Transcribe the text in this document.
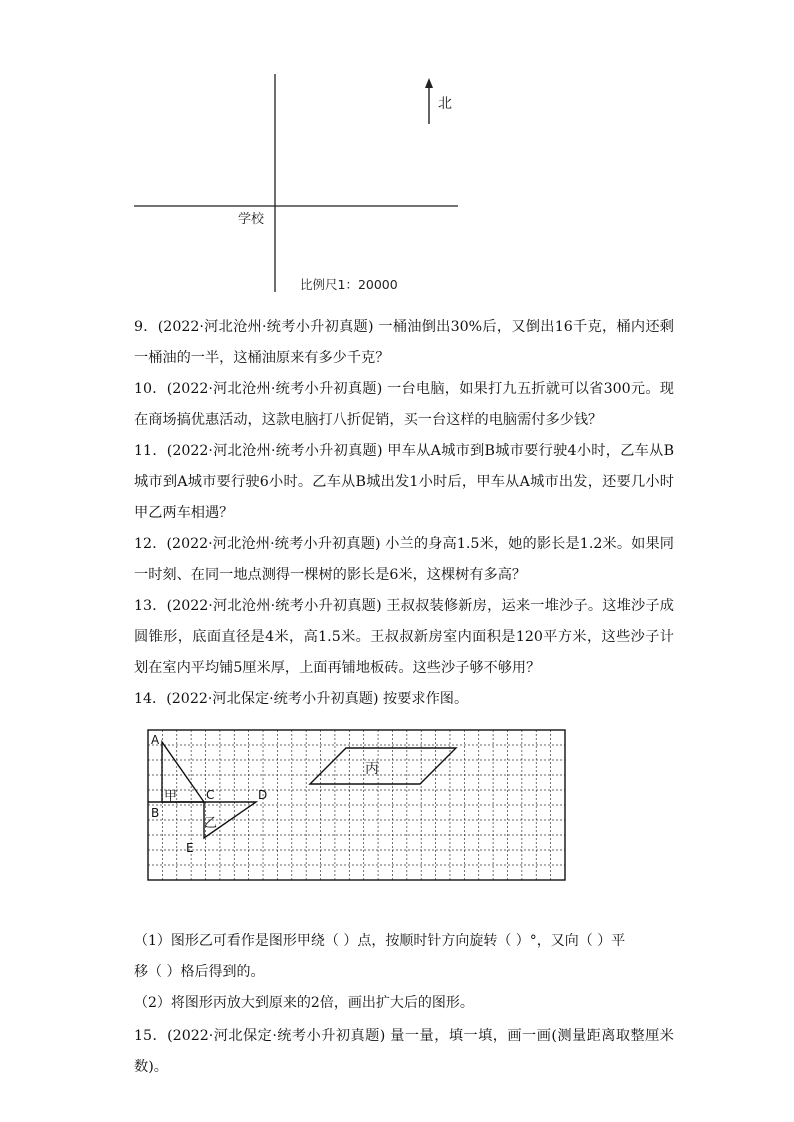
北
学校
比例尺1：20000
9．(2022·河北沧州·统考小升初真题) 一桶油倒出30%后，又倒出16千克，桶内还剩一桶油的一半，这桶油原来有多少千克？
10．(2022·河北沧州·统考小升初真题) 一台电脑，如果打九五折就可以省300元。现在商场搞优惠活动，这款电脑打八折促销，买一台这样的电脑需付多少钱？
11．(2022·河北沧州·统考小升初真题) 甲车从A城市到B城市要行驶4小时，乙车从B城市到A城市要行驶6小时。乙车从B城出发1小时后，甲车从A城市出发，还要几小时甲乙两车相遇？
12．(2022·河北沧州·统考小升初真题) 小兰的身高1.5米，她的影长是1.2米。如果同一时刻、在同一地点测得一棵树的影长是6米，这棵树有多高？
13．(2022·河北沧州·统考小升初真题) 王叔叔装修新房，运来一堆沙子。这堆沙子成圆锥形，底面直径是4米，高1.5米。王叔叔新房室内面积是120平方米，这些沙子计划在室内平均铺5厘米厚，上面再铺地板砖。这些沙子够不够用？
14．(2022·河北保定·统考小升初真题) 按要求作图。
A
B
C	D
E
甲
乙
丙
（1）图形乙可看作是图形甲绕（ ）点，按顺时针方向旋转（ ）°，又向（ ）平
移（ ）格后得到的。
（2）将图形丙放大到原来的2倍，画出扩大后的图形。
15．(2022·河北保定·统考小升初真题) 量一量，填一填，画一画(测量距离取整厘米数)。
